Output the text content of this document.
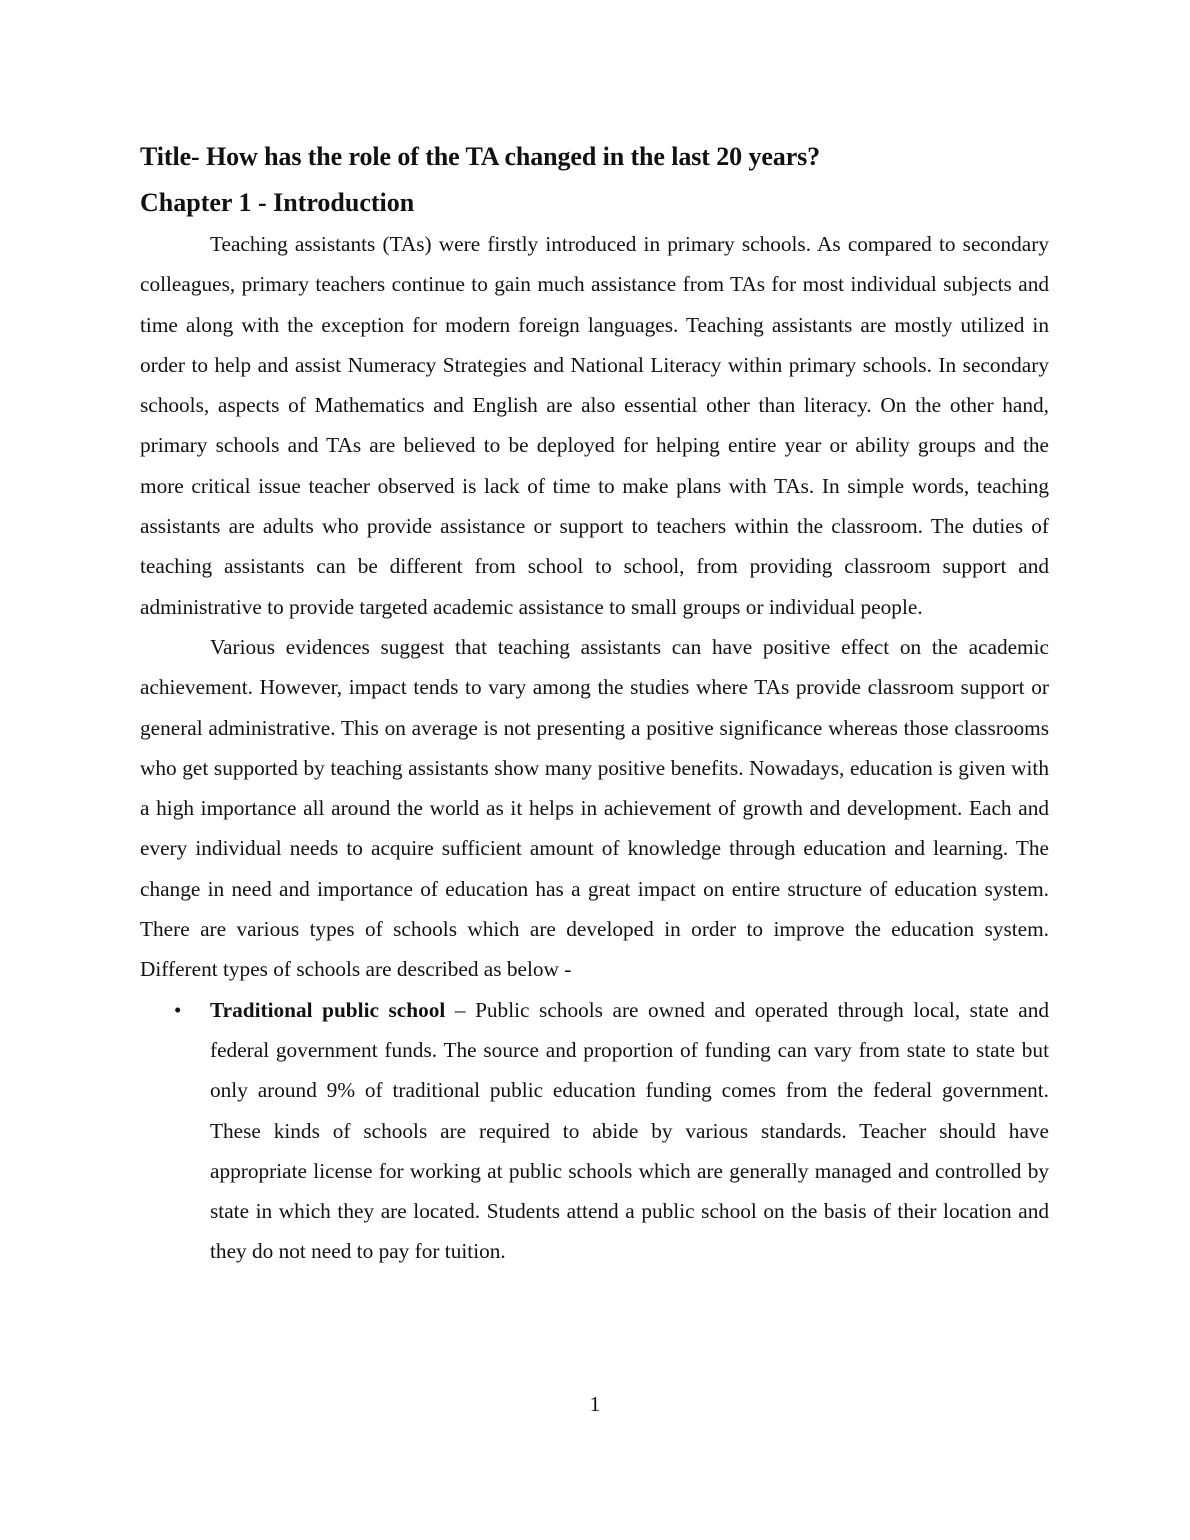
Title- How has the role of the TA changed in the last 20 years?
Chapter 1 - Introduction

Teaching assistants (TAs) were firstly introduced in primary schools. As compared to secondary colleagues, primary teachers continue to gain much assistance from TAs for most individual subjects and time along with the exception for modern foreign languages. Teaching assistants are mostly utilized in order to help and assist Numeracy Strategies and National Literacy within primary schools. In secondary schools, aspects of Mathematics and English are also essential other than literacy. On the other hand, primary schools and TAs are believed to be deployed for helping entire year or ability groups and the more critical issue teacher observed is lack of time to make plans with TAs. In simple words, teaching assistants are adults who provide assistance or support to teachers within the classroom. The duties of teaching assistants can be different from school to school, from providing classroom support and administrative to provide targeted academic assistance to small groups or individual people.

Various evidences suggest that teaching assistants can have positive effect on the academic achievement. However, impact tends to vary among the studies where TAs provide classroom support or general administrative. This on average is not presenting a positive significance whereas those classrooms who get supported by teaching assistants show many positive benefits. Nowadays, education is given with a high importance all around the world as it helps in achievement of growth and development. Each and every individual needs to acquire sufficient amount of knowledge through education and learning. The change in need and importance of education has a great impact on entire structure of education system. There are various types of schools which are developed in order to improve the education system. Different types of schools are described as below -

• Traditional public school – Public schools are owned and operated through local, state and federal government funds. The source and proportion of funding can vary from state to state but only around 9% of traditional public education funding comes from the federal government. These kinds of schools are required to abide by various standards. Teacher should have appropriate license for working at public schools which are generally managed and controlled by state in which they are located. Students attend a public school on the basis of their location and they do not need to pay for tuition.
1
